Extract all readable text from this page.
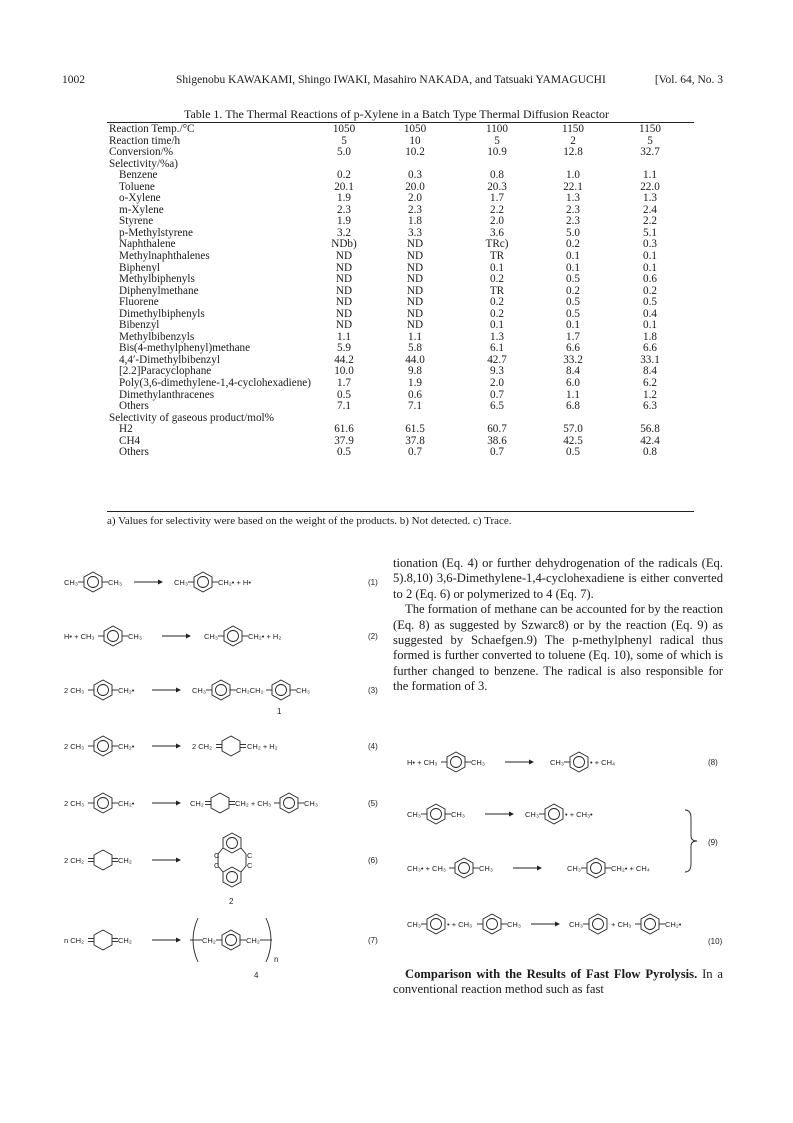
1002	Shigenobu KAWAKAMI, Shingo IWAKI, Masahiro NAKADA, and Tatsuaki YAMAGUCHI	[Vol. 64, No. 3
Table 1. The Thermal Reactions of p-Xylene in a Batch Type Thermal Diffusion Reactor
Reaction Temp./°C	1050	1050	1100	1150	1150
Reaction time/h	5	10	5	2	5
Conversion/%	5.0	10.2	10.9	12.8	32.7
Selectivity/%a)
Benzene	0.2	0.3	0.8	1.0	1.1
Toluene	20.1	20.0	20.3	22.1	22.0
o-Xylene	1.9	2.0	1.7	1.3	1.3
m-Xylene	2.3	2.3	2.2	2.3	2.4
Styrene	1.9	1.8	2.0	2.3	2.2
p-Methylstyrene	3.2	3.3	3.6	5.0	5.1
Naphthalene	NDb)	ND	TRc)	0.2	0.3
Methylnaphthalenes	ND	ND	TR	0.1	0.1
Biphenyl	ND	ND	0.1	0.1	0.1
Methylbiphenyls	ND	ND	0.2	0.5	0.6
Diphenylmethane	ND	ND	TR	0.2	0.2
Fluorene	ND	ND	0.2	0.5	0.5
Dimethylbiphenyls	ND	ND	0.2	0.5	0.4
Bibenzyl	ND	ND	0.1	0.1	0.1
Methylbibenzyls	1.1	1.1	1.3	1.7	1.8
Bis(4-methylphenyl)methane	5.9	5.8	6.1	6.6	6.6
4,4′-Dimethylbibenzyl	44.2	44.0	42.7	33.2	33.1
[2.2]Paracyclophane	10.0	9.8	9.3	8.4	8.4
Poly(3,6-dimethylene-1,4-cyclohexadiene)	1.7	1.9	2.0	6.0	6.2
Dimethylanthracenes	0.5	0.6	0.7	1.1	1.2
Others	7.1	7.1	6.5	6.8	6.3
Selectivity of gaseous product/mol%
H2	61.6	61.5	60.7	57.0	56.8
CH4	37.9	37.8	38.6	42.5	42.4
Others	0.5	0.7	0.7	0.5	0.8
a) Values for selectivity were based on the weight of the products. b) Not detected. c) Trace.
CH₃	CH₃	CH₃	CH₂• + H•	(1)
H• + CH₃	CH₃	CH₃	CH₂• + H₂	(2)
2 CH₃	CH₂•	CH₃	CH₂CH₂	CH₃	(3)
1
2 CH₃	CH₂•	2 CH₂	CH₂ + H₂	(4)
2 CH₃	CH₂•	CH₂	CH₂ + CH₃	CH₃	(5)
2 CH₂	CH₂
C
C
C
C
(6)
2
n CH₂	CH₂	CH₂	CH₂
n
(7)
4

tionation (Eq. 4) or further dehydrogenation of the radicals (Eq. 5).8,10) 3,6-Dimethylene-1,4-cyclohexadiene is either converted to 2 (Eq. 6) or polymerized to 4 (Eq. 7).

The formation of methane can be accounted for by the reaction (Eq. 8) as suggested by Szwarc8) or by the reaction (Eq. 9) as suggested by Schaefgen.9) The p-methylphenyl radical thus formed is further converted to toluene (Eq. 10), some of which is further changed to benzene. The radical is also responsible for the formation of 3.

H• + CH₃	CH₃	CH₃	• + CH₄	(8)
CH₃	CH₃	CH₃	• + CH₃•
CH₃• + CH₃	CH₃	CH₃	CH₂• + CH₄
(9)
CH₃	• + CH₃	CH₃	CH₃	+ CH₃	CH₂•
(10)

Comparison with the Results of Fast Flow Pyrolysis. In a conventional reaction method such as fast
